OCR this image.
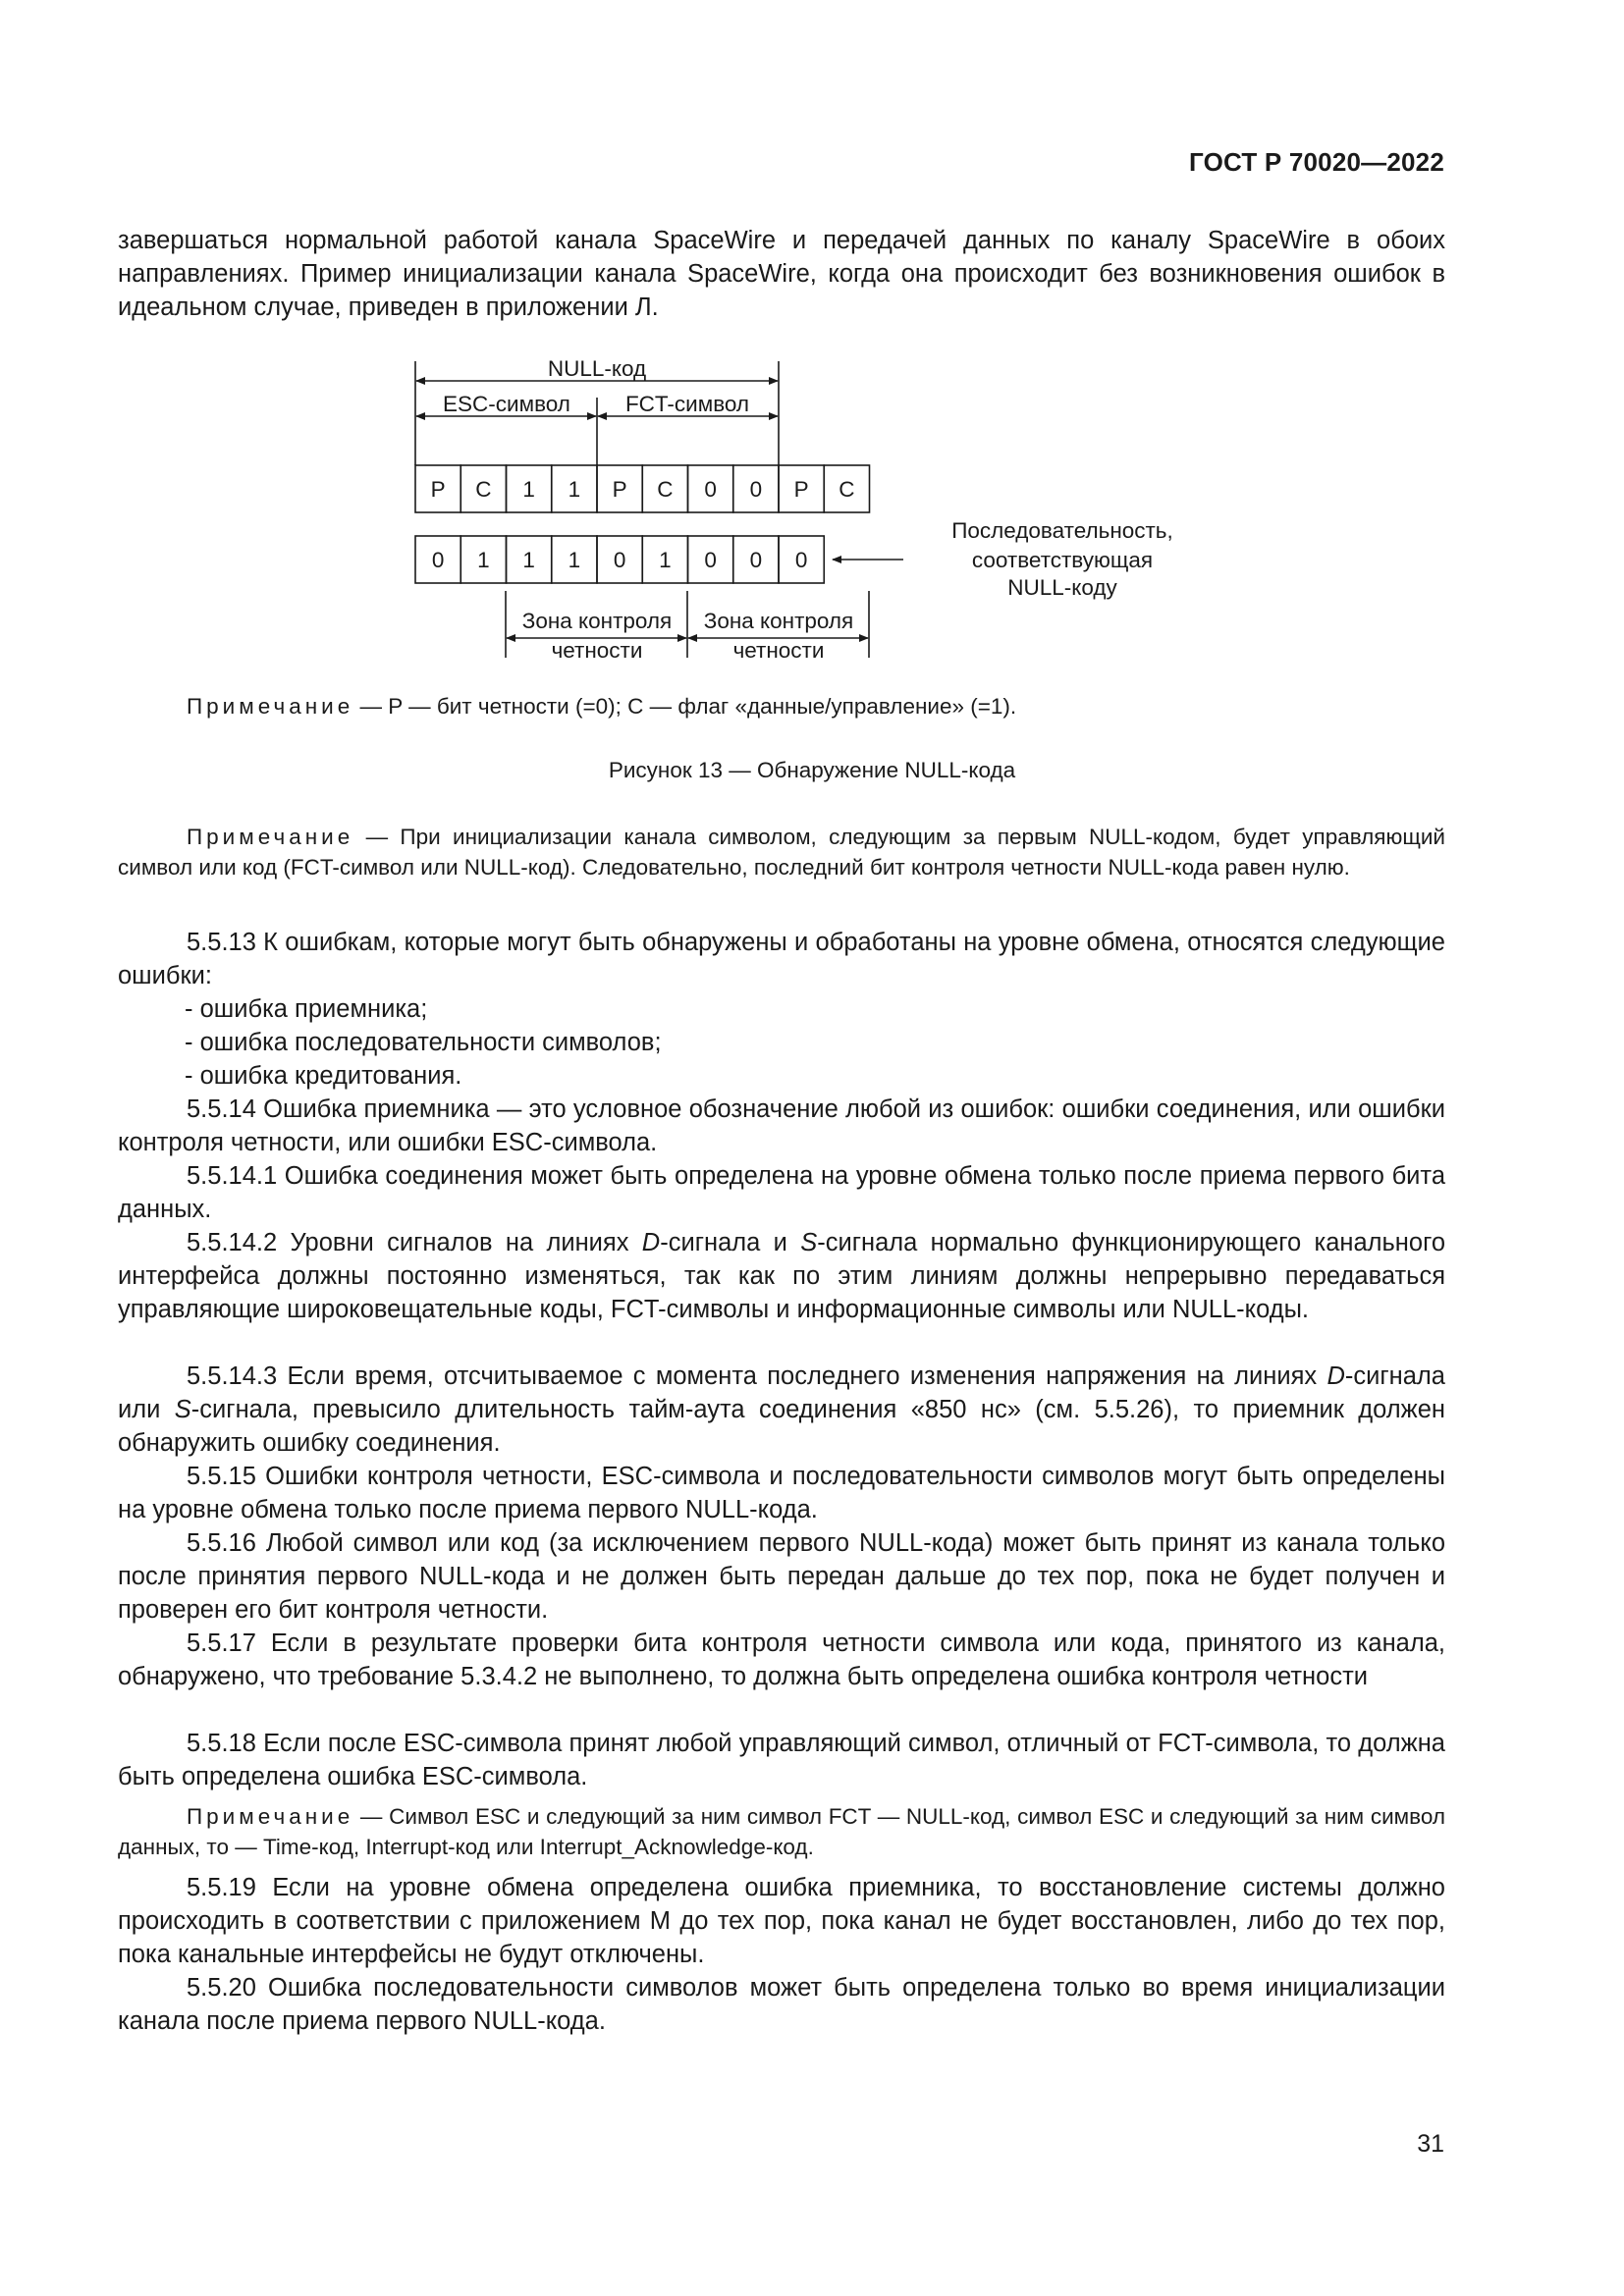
ГОСТ Р 70020—2022

завершаться нормальной работой канала SpaceWire и передачей данных по каналу SpaceWire в обоих направлениях. Пример инициализации канала SpaceWire, когда она происходит без возникновения ошибок в идеальном случае, приведен в приложении Л.

NULL-код
ESC-символ FCT-символ
Зона контроля
четности
Зона контроля
четности
Последовательность,
соответствующая
NULL-коду
P C 1 1 P C 0 0 P C
0 1 1 1 0 1 0 0 0
Примечание — P — бит четности (=0); C — флаг «данные/управление» (=1).
Рисунок 13 — Обнаружение NULL-кода

Примечание — При инициализации канала символом, следующим за первым NULL-кодом, будет управляющий символ или код (FCT-символ или NULL-код). Следовательно, последний бит контроля четности NULL-кода равен нулю.

5.5.13 К ошибкам, которые могут быть обнаружены и обработаны на уровне обмена, относятся следующие ошибки:

- ошибка приемника;
- ошибка последовательности символов;
- ошибка кредитования.

5.5.14 Ошибка приемника — это условное обозначение любой из ошибок: ошибки соединения, или ошибки контроля четности, или ошибки ESC-символа.

5.5.14.1 Ошибка соединения может быть определена на уровне обмена только после приема первого бита данных.

5.5.14.2 Уровни сигналов на линиях D-сигнала и S-сигнала нормально функционирующего канального интерфейса должны постоянно изменяться, так как по этим линиям должны непрерывно передаваться управляющие широковещательные коды, FCT-символы и информационные символы или NULL-коды.

5.5.14.3 Если время, отсчитываемое с момента последнего изменения напряжения на линиях D-сигнала или S-сигнала, превысило длительность тайм-аута соединения «850 нс» (см. 5.5.26), то приемник должен обнаружить ошибку соединения.

5.5.15 Ошибки контроля четности, ESC-символа и последовательности символов могут быть определены на уровне обмена только после приема первого NULL-кода.

5.5.16 Любой символ или код (за исключением первого NULL-кода) может быть принят из канала только после принятия первого NULL-кода и не должен быть передан дальше до тех пор, пока не будет получен и проверен его бит контроля четности.

5.5.17 Если в результате проверки бита контроля четности символа или кода, принятого из канала, обнаружено, что требование 5.3.4.2 не выполнено, то должна быть определена ошибка контроля четности

5.5.18 Если после ESC-символа принят любой управляющий символ, отличный от FCT-символа, то должна быть определена ошибка ESC-символа.

Примечание — Символ ESC и следующий за ним символ FCT — NULL-код, символ ESC и следующий за ним символ данных, то — Time-код, Interrupt-код или Interrupt_Acknowledge-код.

5.5.19 Если на уровне обмена определена ошибка приемника, то восстановление системы должно происходить в соответствии с приложением М до тех пор, пока канал не будет восстановлен, либо до тех пор, пока канальные интерфейсы не будут отключены.

5.5.20 Ошибка последовательности символов может быть определена только во время инициализации канала после приема первого NULL-кода.

31
